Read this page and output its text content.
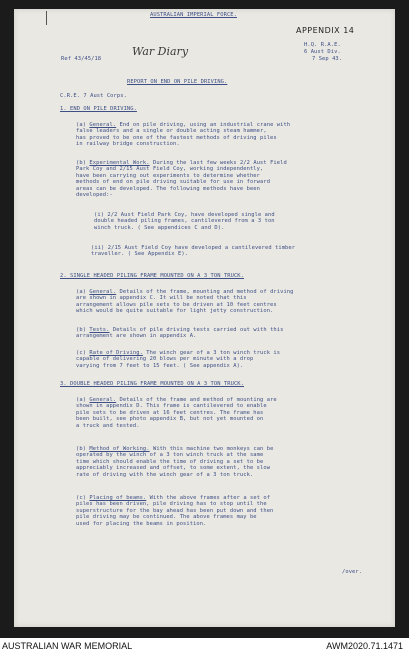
AUSTRALIAN IMPERIAL FORCE.
APPENDIX 14
War Diary
Ref 43/45/18
H.Q. R.A.E.
6 Aust Div.
7 Sep 43.
REPORT ON END ON PILE DRIVING.
C.R.E. 7 Aust Corps.
1. END ON PILE DRIVING.
(a) General. End on pile driving, using an industrial crane with
false leaders and a single or double acting steam hammer,
has proved to be one of the fastest methods of driving piles
in railway bridge construction.
(b) Experimental Work. During the last few weeks 2/2 Aust Field
Park Coy and 2/15 Aust Field Coy, working independently,
have been carrying out experiments to determine whether
methods of end on pile driving suitable for use in forward
areas can be developed. The following methods have been
developed:-
(i) 2/2 Aust Field Park Coy, have developed single and
double headed piling frames, cantilevered from a 3 ton
winch truck. ( See appendices C and D).
(ii) 2/15 Aust Field Coy have developed a cantilevered timber
traveller. ( See Appendix E).
2. SINGLE HEADED PILING FRAME MOUNTED ON A 3 TON TRUCK.
(a) General. Details of the frame, mounting and method of driving
are shown in appendix C. It will be noted that this
arrangement allows pile sets to be driven at 10 feet centres
which would be quite suitable for light jetty construction.
(b) Tests. Details of pile driving tests carried out with this
arrangement are shown in appendix A.
(c) Rate of Driving. The winch gear of a 3 ton winch truck is
capable of delivering 20 blows per minute with a drop
varying from 7 feet to 15 feet. ( See appendix A).
3. DOUBLE HEADED PILING FRAME MOUNTED ON A 3 TON TRUCK.
(a) General. Details of the frame and method of mounting are
shown in appendix D. This frame is cantilevered to enable
pile sets to be driven at 16 feet centres. The frame has
been built, see photo appendix B, but not yet mounted on
a truck and tested.
(b) Method of Working. With this machine two monkeys can be
operated by the winch of a 3 ton winch truck at the same
time which should enable the time of driving a set to be
appreciably increased and offset, to some extent, the slow
rate of driving with the winch gear of a 3 ton truck.
(c) Placing of beams. With the above frames after a set of
piles has been driven, pile driving has to stop until the
superstructure for the bay ahead has been put down and then
pile driving may be continued. The above frames may be
used for placing the beams in position.
/over.
AUSTRALIAN WAR MEMORIAL	AWM2020.71.1471
